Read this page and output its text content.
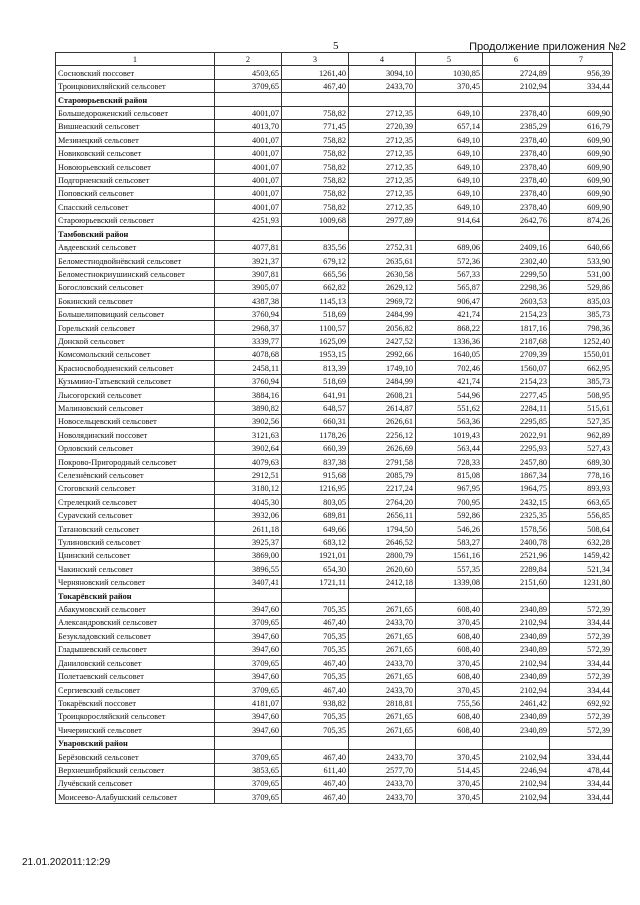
5	Продолжение приложения №2
1	2	3	4	5	6	7
Сосновский поссовет	4503,65	1261,40	3094,10	1030,85	2724,89	956,39
Троицковихляйский сельсовет	3709,65	467,40	2433,70	370,45	2102,94	334,44
Староюрьевский район						
Большедороженский сельсовет	4001,07	758,82	2712,35	649,10	2378,40	609,90
Вишнеаский сельсовет	4013,70	771,45	2720,39	657,14	2385,29	616,79
Мезинецкий сельсовет	4001,07	758,82	2712,35	649,10	2378,40	609,90
Новиковский сельсовет	4001,07	758,82	2712,35	649,10	2378,40	609,90
Новоюрьевский сельсовет	4001,07	758,82	2712,35	649,10	2378,40	609,90
Подгорненский сельсовет	4001,07	758,82	2712,35	649,10	2378,40	609,90
Поповский сельсовет	4001,07	758,82	2712,35	649,10	2378,40	609,90
Спасский сельсовет	4001,07	758,82	2712,35	649,10	2378,40	609,90
Староюрьевский сельсовет	4251,93	1009,68	2977,89	914,64	2642,76	874,26
Тамбовский район						
Авдеевский сельсовет	4077,81	835,56	2752,31	689,06	2409,16	640,66
Беломестнодвойнёвский сельсовет	3921,37	679,12	2635,61	572,36	2302,40	533,90
Беломестнокриушинский сельсовет	3907,81	665,56	2630,58	567,33	2299,50	531,00
Богословский сельсовет	3905,07	662,82	2629,12	565,87	2298,36	529,86
Бокинский сельсовет	4387,38	1145,13	2969,72	906,47	2603,53	835,03
Большелиповицкий сельсовет	3760,94	518,69	2484,99	421,74	2154,23	385,73
Горельский сельсовет	2968,37	1100,57	2056,82	868,22	1817,16	798,36
Донской сельсовет	3339,77	1625,09	2427,52	1336,36	2187,68	1252,40
Комсомольский сельсовет	4078,68	1953,15	2992,66	1640,05	2709,39	1550,01
Красносвободненский сельсовет	2458,11	813,39	1749,10	702,46	1560,07	662,95
Кузьмино-Гатьевский сельсовет	3760,94	518,69	2484,99	421,74	2154,23	385,73
Лысогорский сельсовет	3884,16	641,91	2608,21	544,96	2277,45	508,95
Малиновский сельсовет	3890,82	648,57	2614,87	551,62	2284,11	515,61
Новосельцевский сельсовет	3902,56	660,31	2626,61	563,36	2295,85	527,35
Новолядинский поссовет	3121,63	1178,26	2256,12	1019,43	2022,91	962,89
Орловский сельсовет	3902,64	660,39	2626,69	563,44	2295,93	527,43
Покрово-Пригородный сельсовет	4079,63	837,38	2791,58	728,33	2457,80	689,30
Селезнёвский сельсовет	2912,51	915,68	2085,79	815,08	1867,34	778,16
Стоговский сельсовет	3180,12	1216,95	2217,24	967,95	1964,75	893,93
Стрелецкий сельсовет	4045,30	803,05	2764,20	700,95	2432,15	663,65
Сураvский сельсовет	3932,06	689,81	2656,11	592,86	2325,35	556,85
Татановский сельсовет	2611,18	649,66	1794,50	546,26	1578,56	508,64
Тулиновский сельсовет	3925,37	683,12	2646,52	583,27	2400,78	632,28
Цнинский сельсовет	3869,00	1921,01	2800,79	1561,16	2521,96	1459,42
Чакинский сельсовет	3896,55	654,30	2620,60	557,35	2289,84	521,34
Черняновский сельсовет	3407,41	1721,11	2412,18	1339,08	2151,60	1231,80
Токарёвский район						
Абакумовский сельсовет	3947,60	705,35	2671,65	608,40	2340,89	572,39
Александровский сельсовет	3709,65	467,40	2433,70	370,45	2102,94	334,44
Безукладовский сельсовет	3947,60	705,35	2671,65	608,40	2340,89	572,39
Гладышевский сельсовет	3947,60	705,35	2671,65	608,40	2340,89	572,39
Даниловский сельсовет	3709,65	467,40	2433,70	370,45	2102,94	334,44
Полетаевский сельсовет	3947,60	705,35	2671,65	608,40	2340,89	572,39
Сергиевский сельсовет	3709,65	467,40	2433,70	370,45	2102,94	334,44
Токарёвский поссовет	4181,07	938,82	2818,81	755,56	2461,42	692,92
Троицкоросляйский сельсовет	3947,60	705,35	2671,65	608,40	2340,89	572,39
Чичеринский сельсовет	3947,60	705,35	2671,65	608,40	2340,89	572,39
Уваровский район						
Берёзовский сельсовет	3709,65	467,40	2433,70	370,45	2102,94	334,44
Верхнешибряйский сельсовет	3853,65	611,40	2577,70	514,45	2246,94	478,44
Лучёвский сельсовет	3709,65	467,40	2433,70	370,45	2102,94	334,44
Моисеево-Алабушский сельсовет	3709,65	467,40	2433,70	370,45	2102,94	334,44
21.01.202011:12:29
